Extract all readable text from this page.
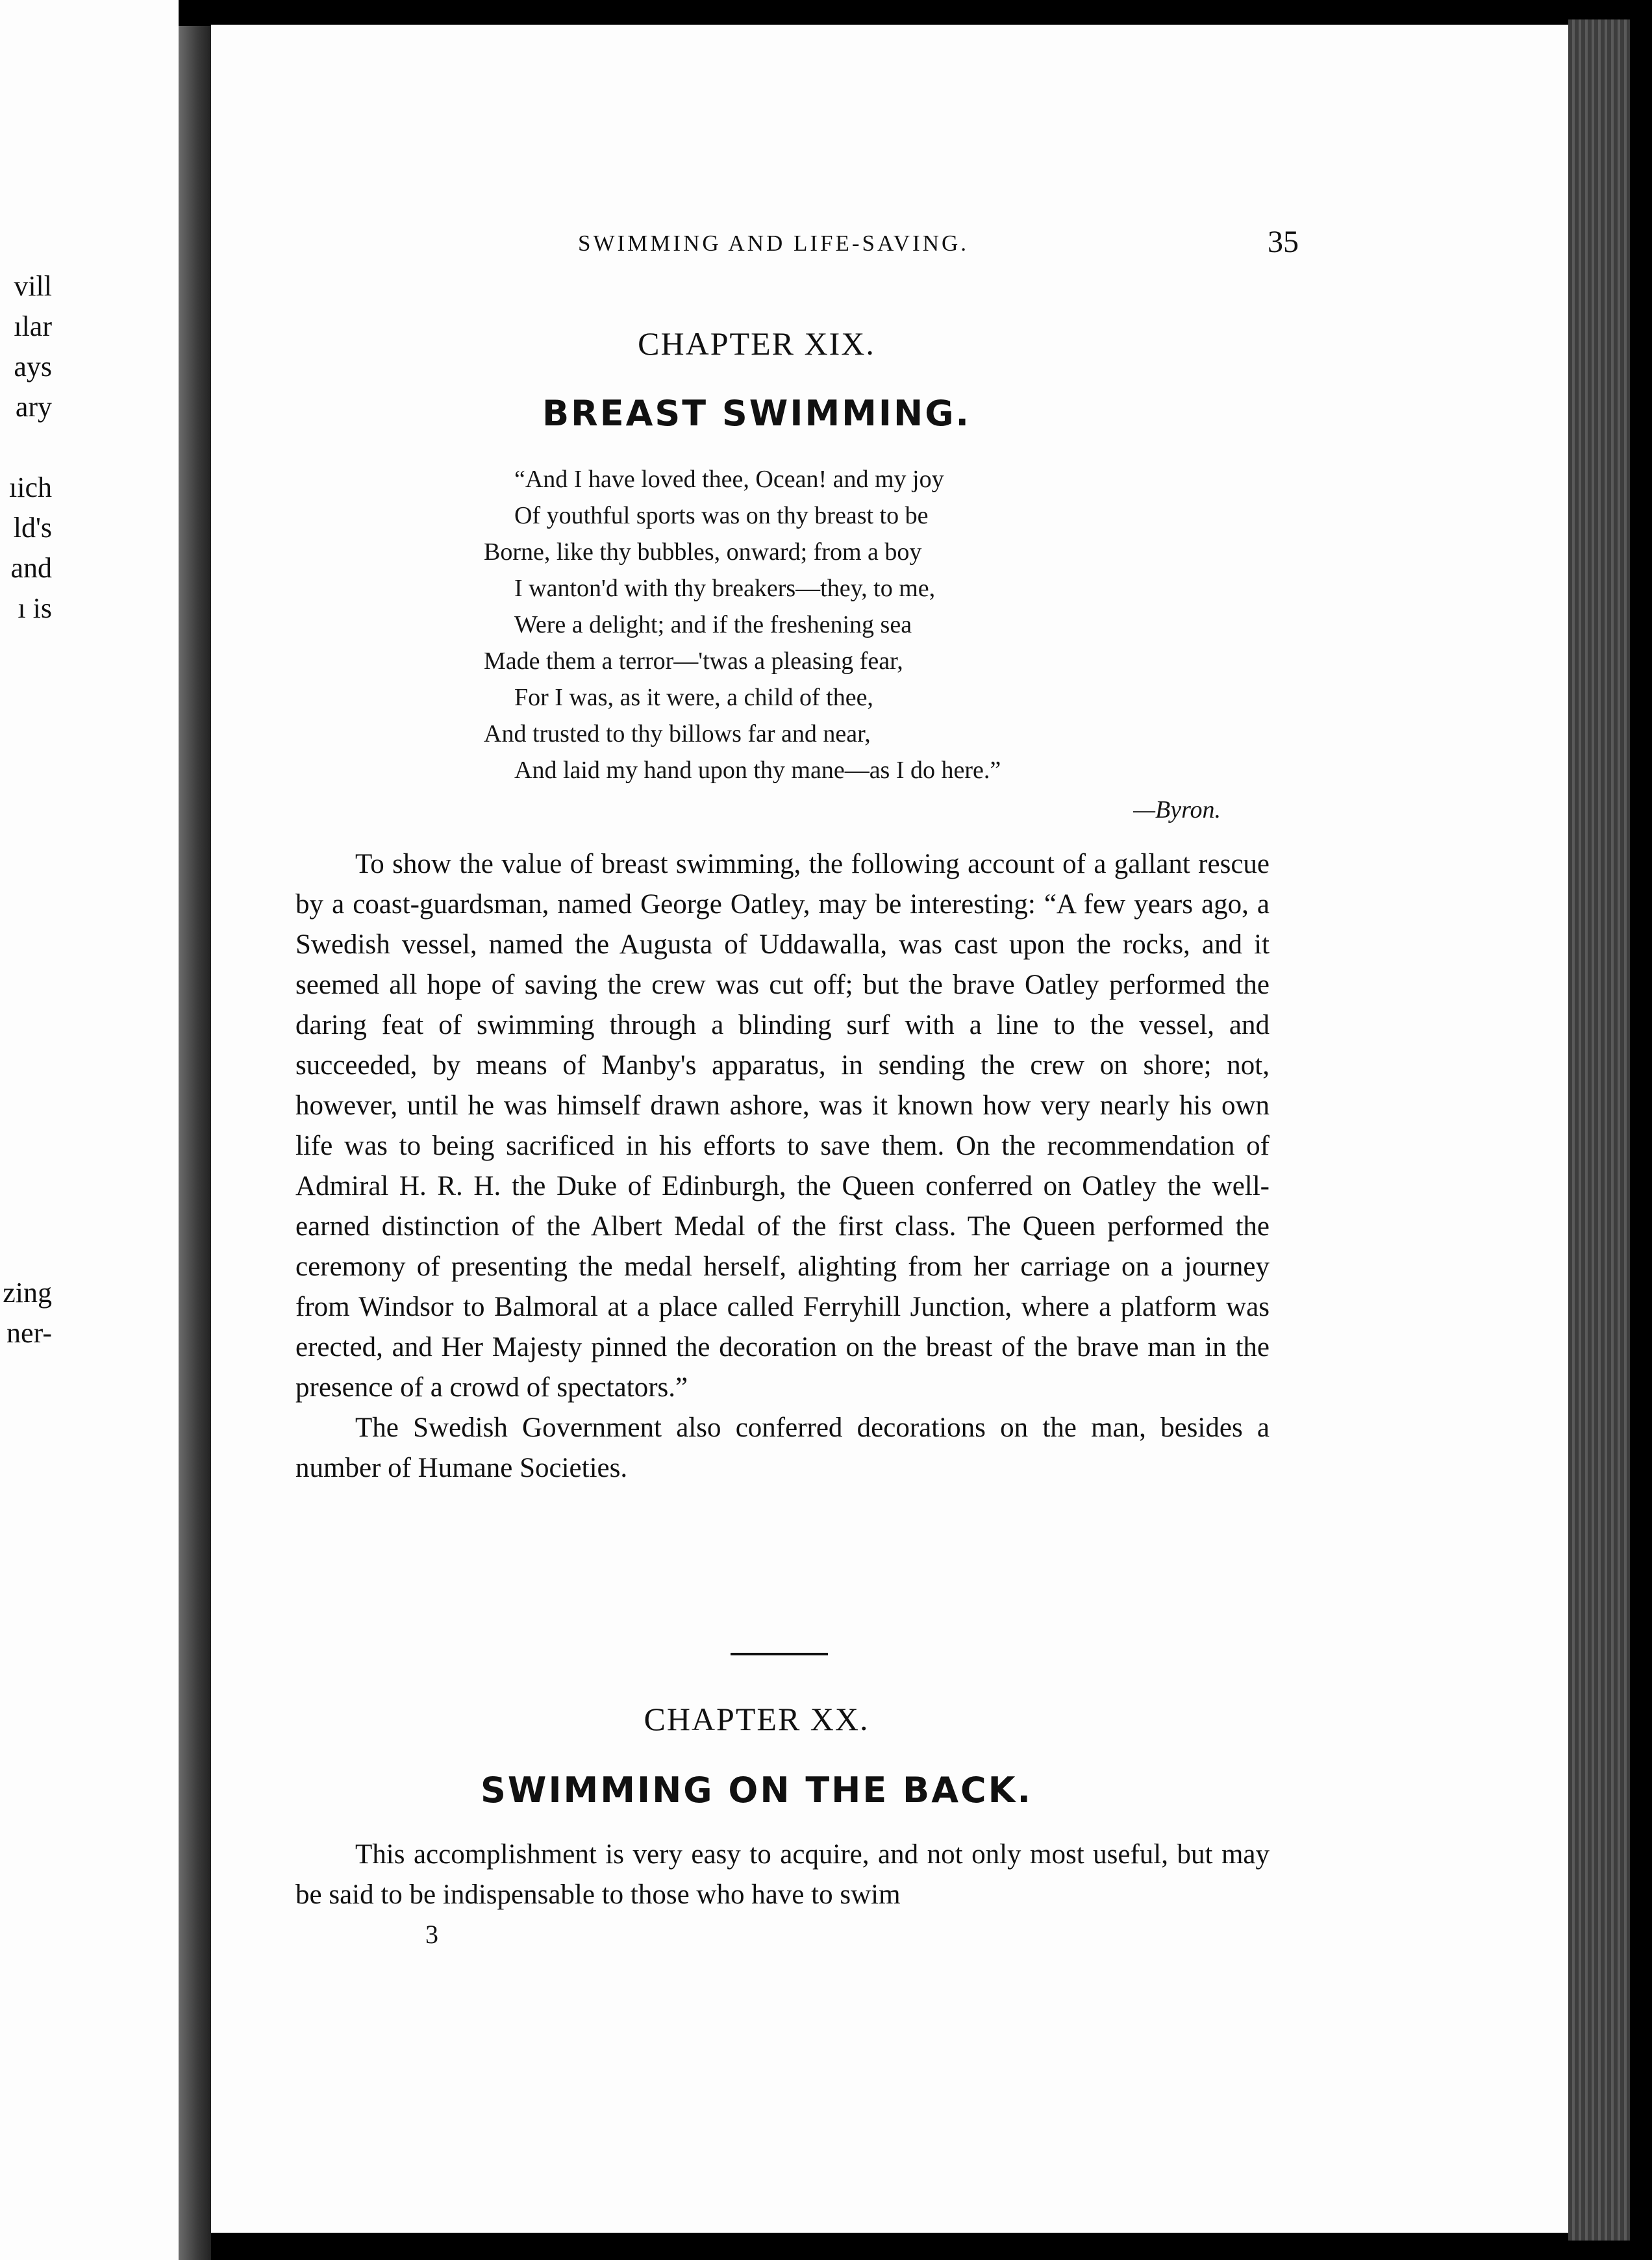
vill
ılar
ays
ary
ıich
ld's
and
ı is
zing
ner-
SWIMMING AND LIFE-SAVING.	35
CHAPTER XIX.
BREAST SWIMMING.
“And I have loved thee, Ocean! and my joy
Of youthful sports was on thy breast to be
Borne, like thy bubbles, onward; from a boy
I wanton'd with thy breakers—they, to me,
Were a delight; and if the freshening sea
Made them a terror—'twas a pleasing fear,
For I was, as it were, a child of thee,
And trusted to thy billows far and near,
And laid my hand upon thy mane—as I do here.”
—Byron.

To show the value of breast swimming, the following account of a gallant rescue by a coast-guardsman, named George Oatley, may be interesting: “A few years ago, a Swedish vessel, named the Augusta of Uddawalla, was cast upon the rocks, and it seemed all hope of saving the crew was cut off; but the brave Oatley performed the daring feat of swimming through a blinding surf with a line to the vessel, and succeeded, by means of Manby's apparatus, in sending the crew on shore; not, however, until he was himself drawn ashore, was it known how very nearly his own life was to being sacrificed in his efforts to save them. On the recommendation of Admiral H. R. H. the Duke of Edinburgh, the Queen conferred on Oatley the well-earned distinction of the Albert Medal of the first class. The Queen performed the ceremony of presenting the medal herself, alighting from her carriage on a journey from Windsor to Balmoral at a place called Ferryhill Junction, where a platform was erected, and Her Majesty pinned the decoration on the breast of the brave man in the presence of a crowd of spectators.”

The Swedish Government also conferred decorations on the man, besides a number of Humane Societies.

CHAPTER XX.
SWIMMING ON THE BACK.

This accomplishment is very easy to acquire, and not only most useful, but may be said to be indispensable to those who have to swim

3
